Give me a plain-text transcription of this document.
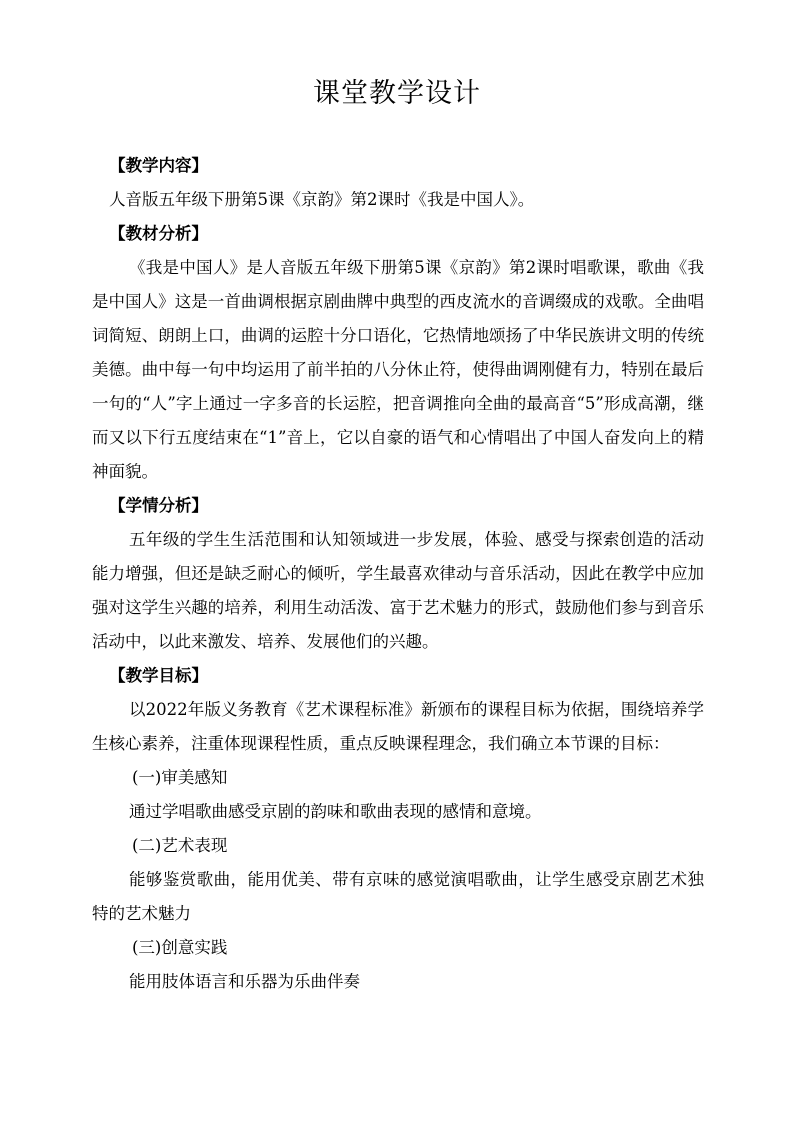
课堂教学设计

【教学内容】

人音版五年级下册第5课《京韵》第2课时《我是中国人》。

【教材分析】

《我是中国人》是人音版五年级下册第5课《京韵》第2课时唱歌课，歌曲《我是中国人》这是一首曲调根据京剧曲牌中典型的西皮流水的音调缀成的戏歌。全曲唱词简短、朗朗上口，曲调的运腔十分口语化，它热情地颂扬了中华民族讲文明的传统美德。曲中每一句中均运用了前半拍的八分休止符，使得曲调刚健有力，特别在最后一句的“人”字上通过一字多音的长运腔，把音调推向全曲的最高音“5”形成高潮，继而又以下行五度结束在“1”音上，它以自豪的语气和心情唱出了中国人奋发向上的精神面貌。

【学情分析】

五年级的学生生活范围和认知领域进一步发展，体验、感受与探索创造的活动能力增强，但还是缺乏耐心的倾听，学生最喜欢律动与音乐活动，因此在教学中应加强对这学生兴趣的培养，利用生动活泼、富于艺术魅力的形式，鼓励他们参与到音乐活动中，以此来激发、培养、发展他们的兴趣。

【教学目标】

以2022年版义务教育《艺术课程标准》新颁布的课程目标为依据，围绕培养学生核心素养，注重体现课程性质，重点反映课程理念，我们确立本节课的目标：

(一)审美感知

通过学唱歌曲感受京剧的韵味和歌曲表现的感情和意境。

(二)艺术表现

能够鉴赏歌曲，能用优美、带有京味的感觉演唱歌曲，让学生感受京剧艺术独特的艺术魅力

(三)创意实践

能用肢体语言和乐器为乐曲伴奏
